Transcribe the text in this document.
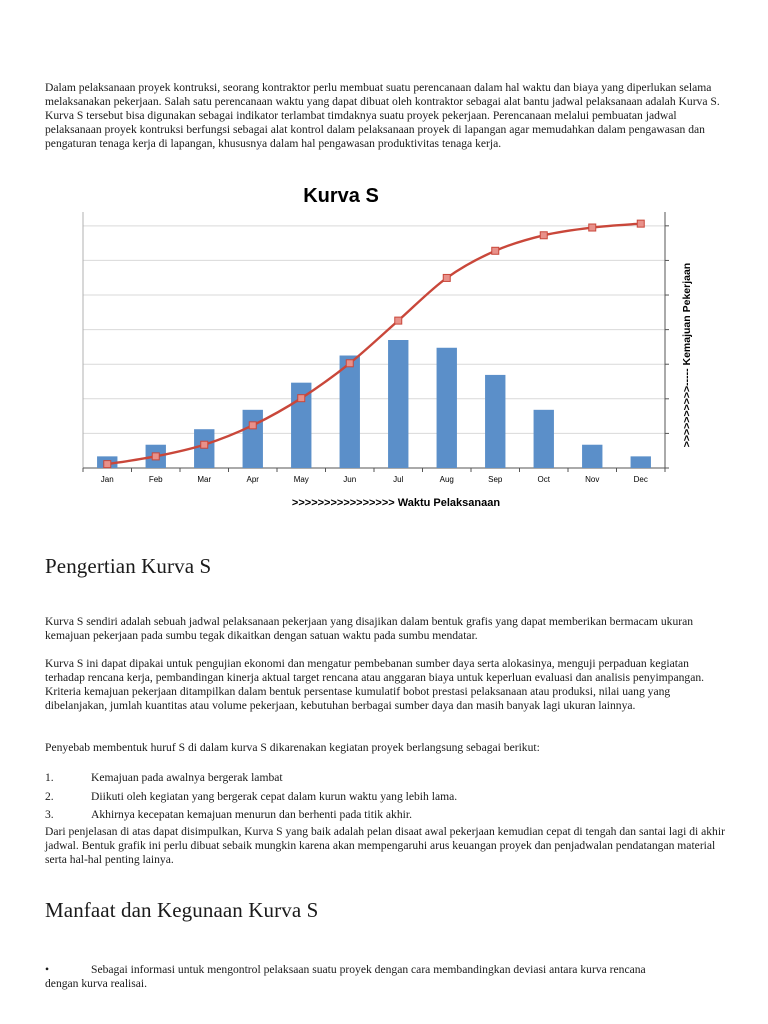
Dalam pelaksanaan proyek kontruksi, seorang kontraktor perlu membuat suatu perencanaan dalam hal waktu dan biaya yang diperlukan selama melaksanakan pekerjaan. Salah satu perencanaan waktu yang dapat dibuat oleh kontraktor sebagai alat bantu jadwal pelaksanaan adalah Kurva S. Kurva S tersebut bisa digunakan sebagai indikator terlambat timdaknya suatu proyek pekerjaan. Perencanaan melalui pembuatan jadwal pelaksanaan proyek kontruksi berfungsi sebagai alat kontrol dalam pelaksanaan proyek di lapangan agar memudahkan dalam pengawasan dan pengaturan tenaga kerja di lapangan, khususnya dalam hal pengawasan produktivitas tenaga kerja.

Kurva S
Jan	Feb	Mar	Apr	May	Jun	Jul	Aug	Sep	Oct	Nov	Dec
>>>>>>>>>>>>>>>> Waktu Pelaksanaan
>>>>>>>>>>----- Kemajuan Pekerjaan
Pengertian Kurva S

Kurva S sendiri adalah sebuah jadwal pelaksanaan pekerjaan yang disajikan dalam bentuk grafis yang dapat memberikan bermacam ukuran kemajuan pekerjaan pada sumbu tegak dikaitkan dengan satuan waktu pada sumbu mendatar.

Kurva S ini dapat dipakai untuk pengujian ekonomi dan mengatur pembebanan sumber daya serta alokasinya, menguji perpaduan kegiatan terhadap rencana kerja, pembandingan kinerja aktual target rencana atau anggaran biaya untuk keperluan evaluasi dan analisis penyimpangan. Kriteria kemajuan pekerjaan ditampilkan dalam bentuk persentase kumulatif bobot prestasi pelaksanaan atau produksi, nilai uang yang dibelanjakan, jumlah kuantitas atau volume pekerjaan, kebutuhan berbagai sumber daya dan masih banyak lagi ukuran lainnya.

Penyebab membentuk huruf S di dalam kurva S dikarenakan kegiatan proyek berlangsung sebagai berikut:

1.	Kemajuan pada awalnya bergerak lambat
2.	Diikuti oleh kegiatan yang bergerak cepat dalam kurun waktu yang lebih lama.
3.	Akhirnya kecepatan kemajuan menurun dan berhenti pada titik akhir.

Dari penjelasan di atas dapat disimpulkan, Kurva S yang baik adalah pelan disaat awal pekerjaan kemudian cepat di tengah dan santai lagi di akhir jadwal. Bentuk grafik ini perlu dibuat sebaik mungkin karena akan mempengaruhi arus keuangan proyek dan penjadwalan pendatangan material serta hal-hal penting lainya.

Manfaat dan Kegunaan Kurva S
•	Sebagai informasi untuk mengontrol pelaksaan suatu proyek dengan cara membandingkan deviasi antara kurva rencana
dengan kurva realisai.
